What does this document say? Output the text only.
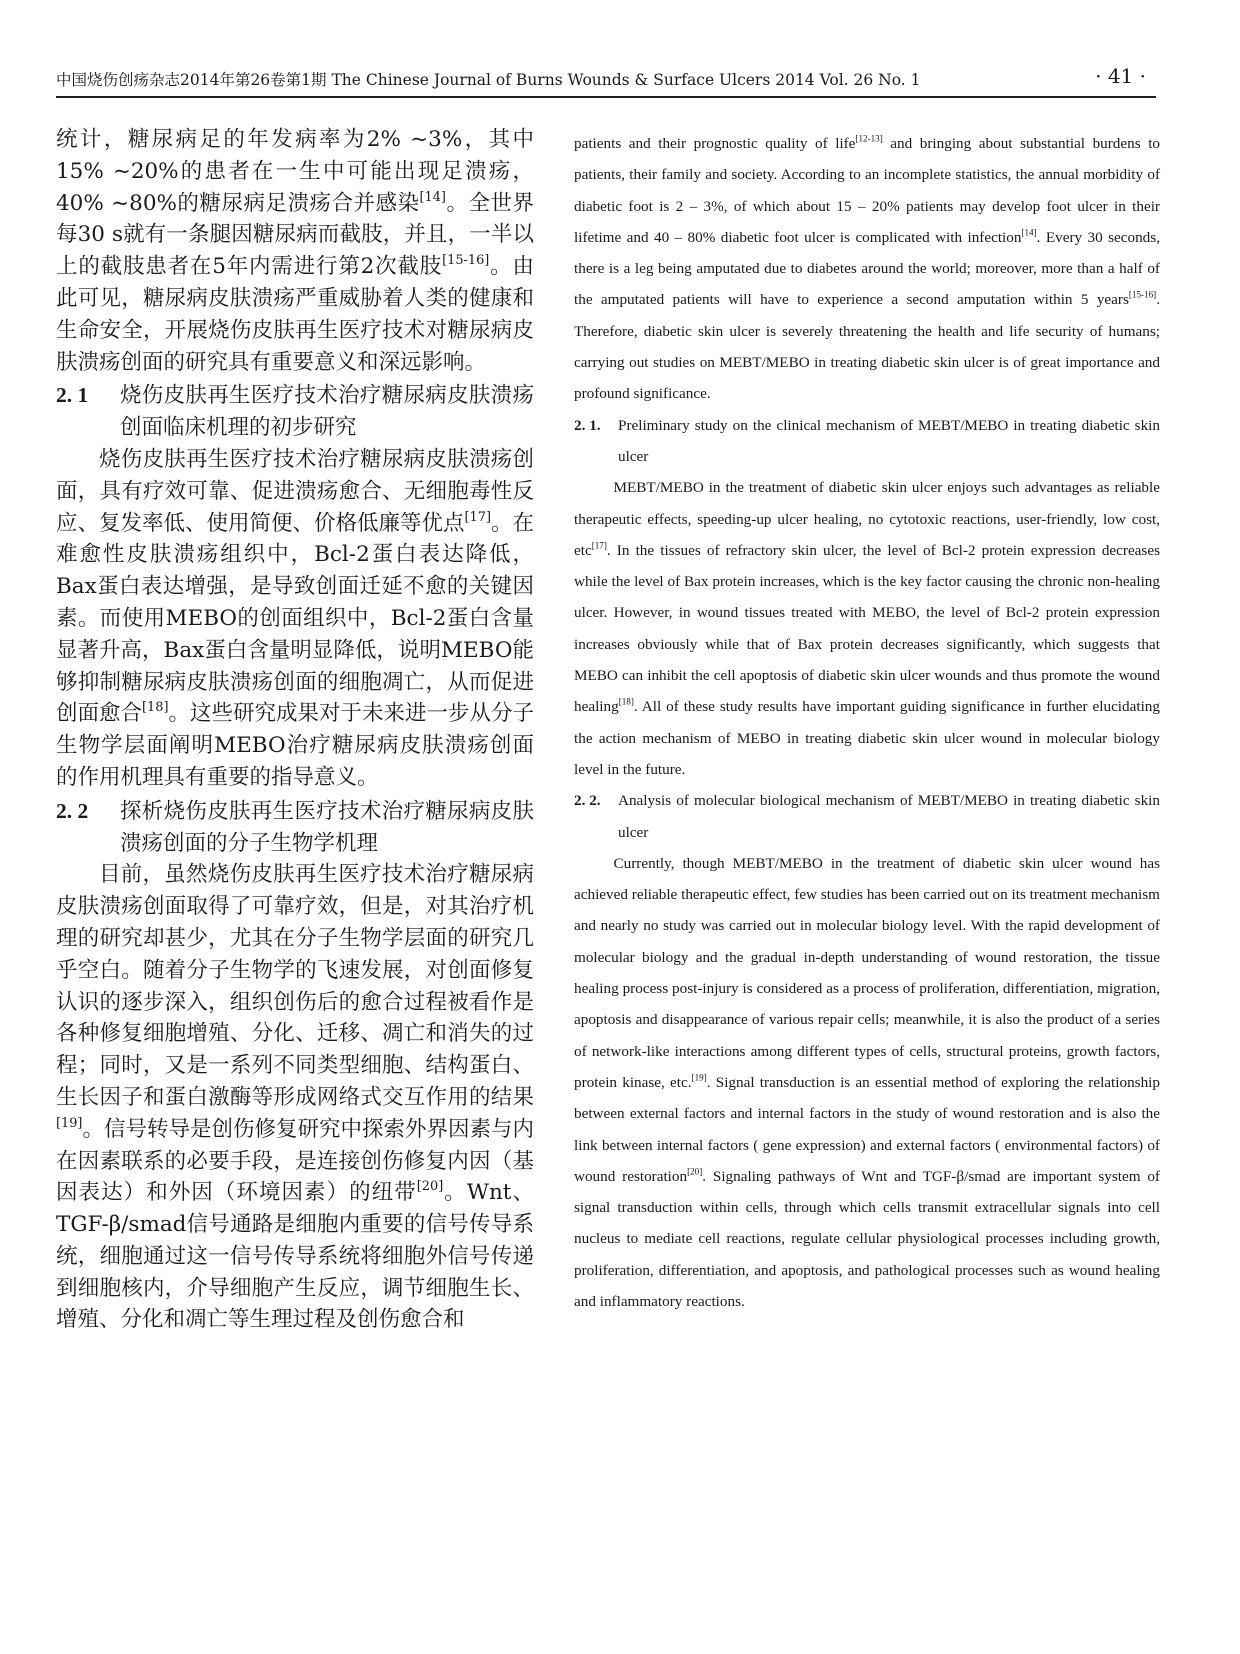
中国烧伤创疡杂志2014年第26卷第1期 The Chinese Journal of Burns Wounds & Surface Ulcers 2014 Vol. 26 No. 1	· 41 ·

统计，糖尿病足的年发病率为2% ~3%，其中15% ~20%的患者在一生中可能出现足溃疡，40% ~80%的糖尿病足溃疡合并感染[14]。全世界每30 s就有一条腿因糖尿病而截肢，并且，一半以上的截肢患者在5年内需进行第2次截肢[15-16]。由此可见，糖尿病皮肤溃疡严重威胁着人类的健康和生命安全，开展烧伤皮肤再生医疗技术对糖尿病皮肤溃疡创面的研究具有重要意义和深远影响。

2. 1	烧伤皮肤再生医疗技术治疗糖尿病皮肤溃疡创面临床机理的初步研究

烧伤皮肤再生医疗技术治疗糖尿病皮肤溃疡创面，具有疗效可靠、促进溃疡愈合、无细胞毒性反应、复发率低、使用简便、价格低廉等优点[17]。在难愈性皮肤溃疡组织中，Bcl-2蛋白表达降低，Bax蛋白表达增强，是导致创面迁延不愈的关键因素。而使用MEBO的创面组织中，Bcl-2蛋白含量显著升高，Bax蛋白含量明显降低，说明MEBO能够抑制糖尿病皮肤溃疡创面的细胞凋亡，从而促进创面愈合[18]。这些研究成果对于未来进一步从分子生物学层面阐明MEBO治疗糖尿病皮肤溃疡创面的作用机理具有重要的指导意义。

2. 2	探析烧伤皮肤再生医疗技术治疗糖尿病皮肤溃疡创面的分子生物学机理

目前，虽然烧伤皮肤再生医疗技术治疗糖尿病皮肤溃疡创面取得了可靠疗效，但是，对其治疗机理的研究却甚少，尤其在分子生物学层面的研究几乎空白。随着分子生物学的飞速发展，对创面修复认识的逐步深入，组织创伤后的愈合过程被看作是各种修复细胞增殖、分化、迁移、凋亡和消失的过程；同时，又是一系列不同类型细胞、结构蛋白、生长因子和蛋白激酶等形成网络式交互作用的结果[19]。信号转导是创伤修复研究中探索外界因素与内在因素联系的必要手段，是连接创伤修复内因（基因表达）和外因（环境因素）的纽带[20]。Wnt、TGF-β/smad信号通路是细胞内重要的信号传导系统，细胞通过这一信号传导系统将细胞外信号传递到细胞核内，介导细胞产生反应，调节细胞生长、增殖、分化和凋亡等生理过程及创伤愈合和

patients and their prognostic quality of life[12-13] and bringing about substantial burdens to patients, their family and society. According to an incomplete statistics, the annual morbidity of diabetic foot is 2 – 3%, of which about 15 – 20% patients may develop foot ulcer in their lifetime and 40 – 80% diabetic foot ulcer is complicated with infection[14]. Every 30 seconds, there is a leg being amputated due to diabetes around the world; moreover, more than a half of the amputated patients will have to experience a second amputation within 5 years[15-16]. Therefore, diabetic skin ulcer is severely threatening the health and life security of humans; carrying out studies on MEBT/MEBO in treating diabetic skin ulcer is of great importance and profound significance.

2. 1.	Preliminary study on the clinical mechanism of MEBT/MEBO in treating diabetic skin ulcer

MEBT/MEBO in the treatment of diabetic skin ulcer enjoys such advantages as reliable therapeutic effects, speeding-up ulcer healing, no cytotoxic reactions, user-friendly, low cost, etc[17]. In the tissues of refractory skin ulcer, the level of Bcl-2 protein expression decreases while the level of Bax protein increases, which is the key factor causing the chronic non-healing ulcer. However, in wound tissues treated with MEBO, the level of Bcl-2 protein expression increases obviously while that of Bax protein decreases significantly, which suggests that MEBO can inhibit the cell apoptosis of diabetic skin ulcer wounds and thus promote the wound healing[18]. All of these study results have important guiding significance in further elucidating the action mechanism of MEBO in treating diabetic skin ulcer wound in molecular biology level in the future.

2. 2.	Analysis of molecular biological mechanism of MEBT/MEBO in treating diabetic skin ulcer

Currently, though MEBT/MEBO in the treatment of diabetic skin ulcer wound has achieved reliable therapeutic effect, few studies has been carried out on its treatment mechanism and nearly no study was carried out in molecular biology level. With the rapid development of molecular biology and the gradual in-depth understanding of wound restoration, the tissue healing process post-injury is considered as a process of proliferation, differentiation, migration, apoptosis and disappearance of various repair cells; meanwhile, it is also the product of a series of network-like interactions among different types of cells, structural proteins, growth factors, protein kinase, etc.[19]. Signal transduction is an essential method of exploring the relationship between external factors and internal factors in the study of wound restoration and is also the link between internal factors ( gene expression) and external factors ( environmental factors) of wound restoration[20]. Signaling pathways of Wnt and TGF-β/smad are important system of signal transduction within cells, through which cells transmit extracellular signals into cell nucleus to mediate cell reactions, regulate cellular physiological processes including growth, proliferation, differentiation, and apoptosis, and pathological processes such as wound healing and inflammatory reactions.
